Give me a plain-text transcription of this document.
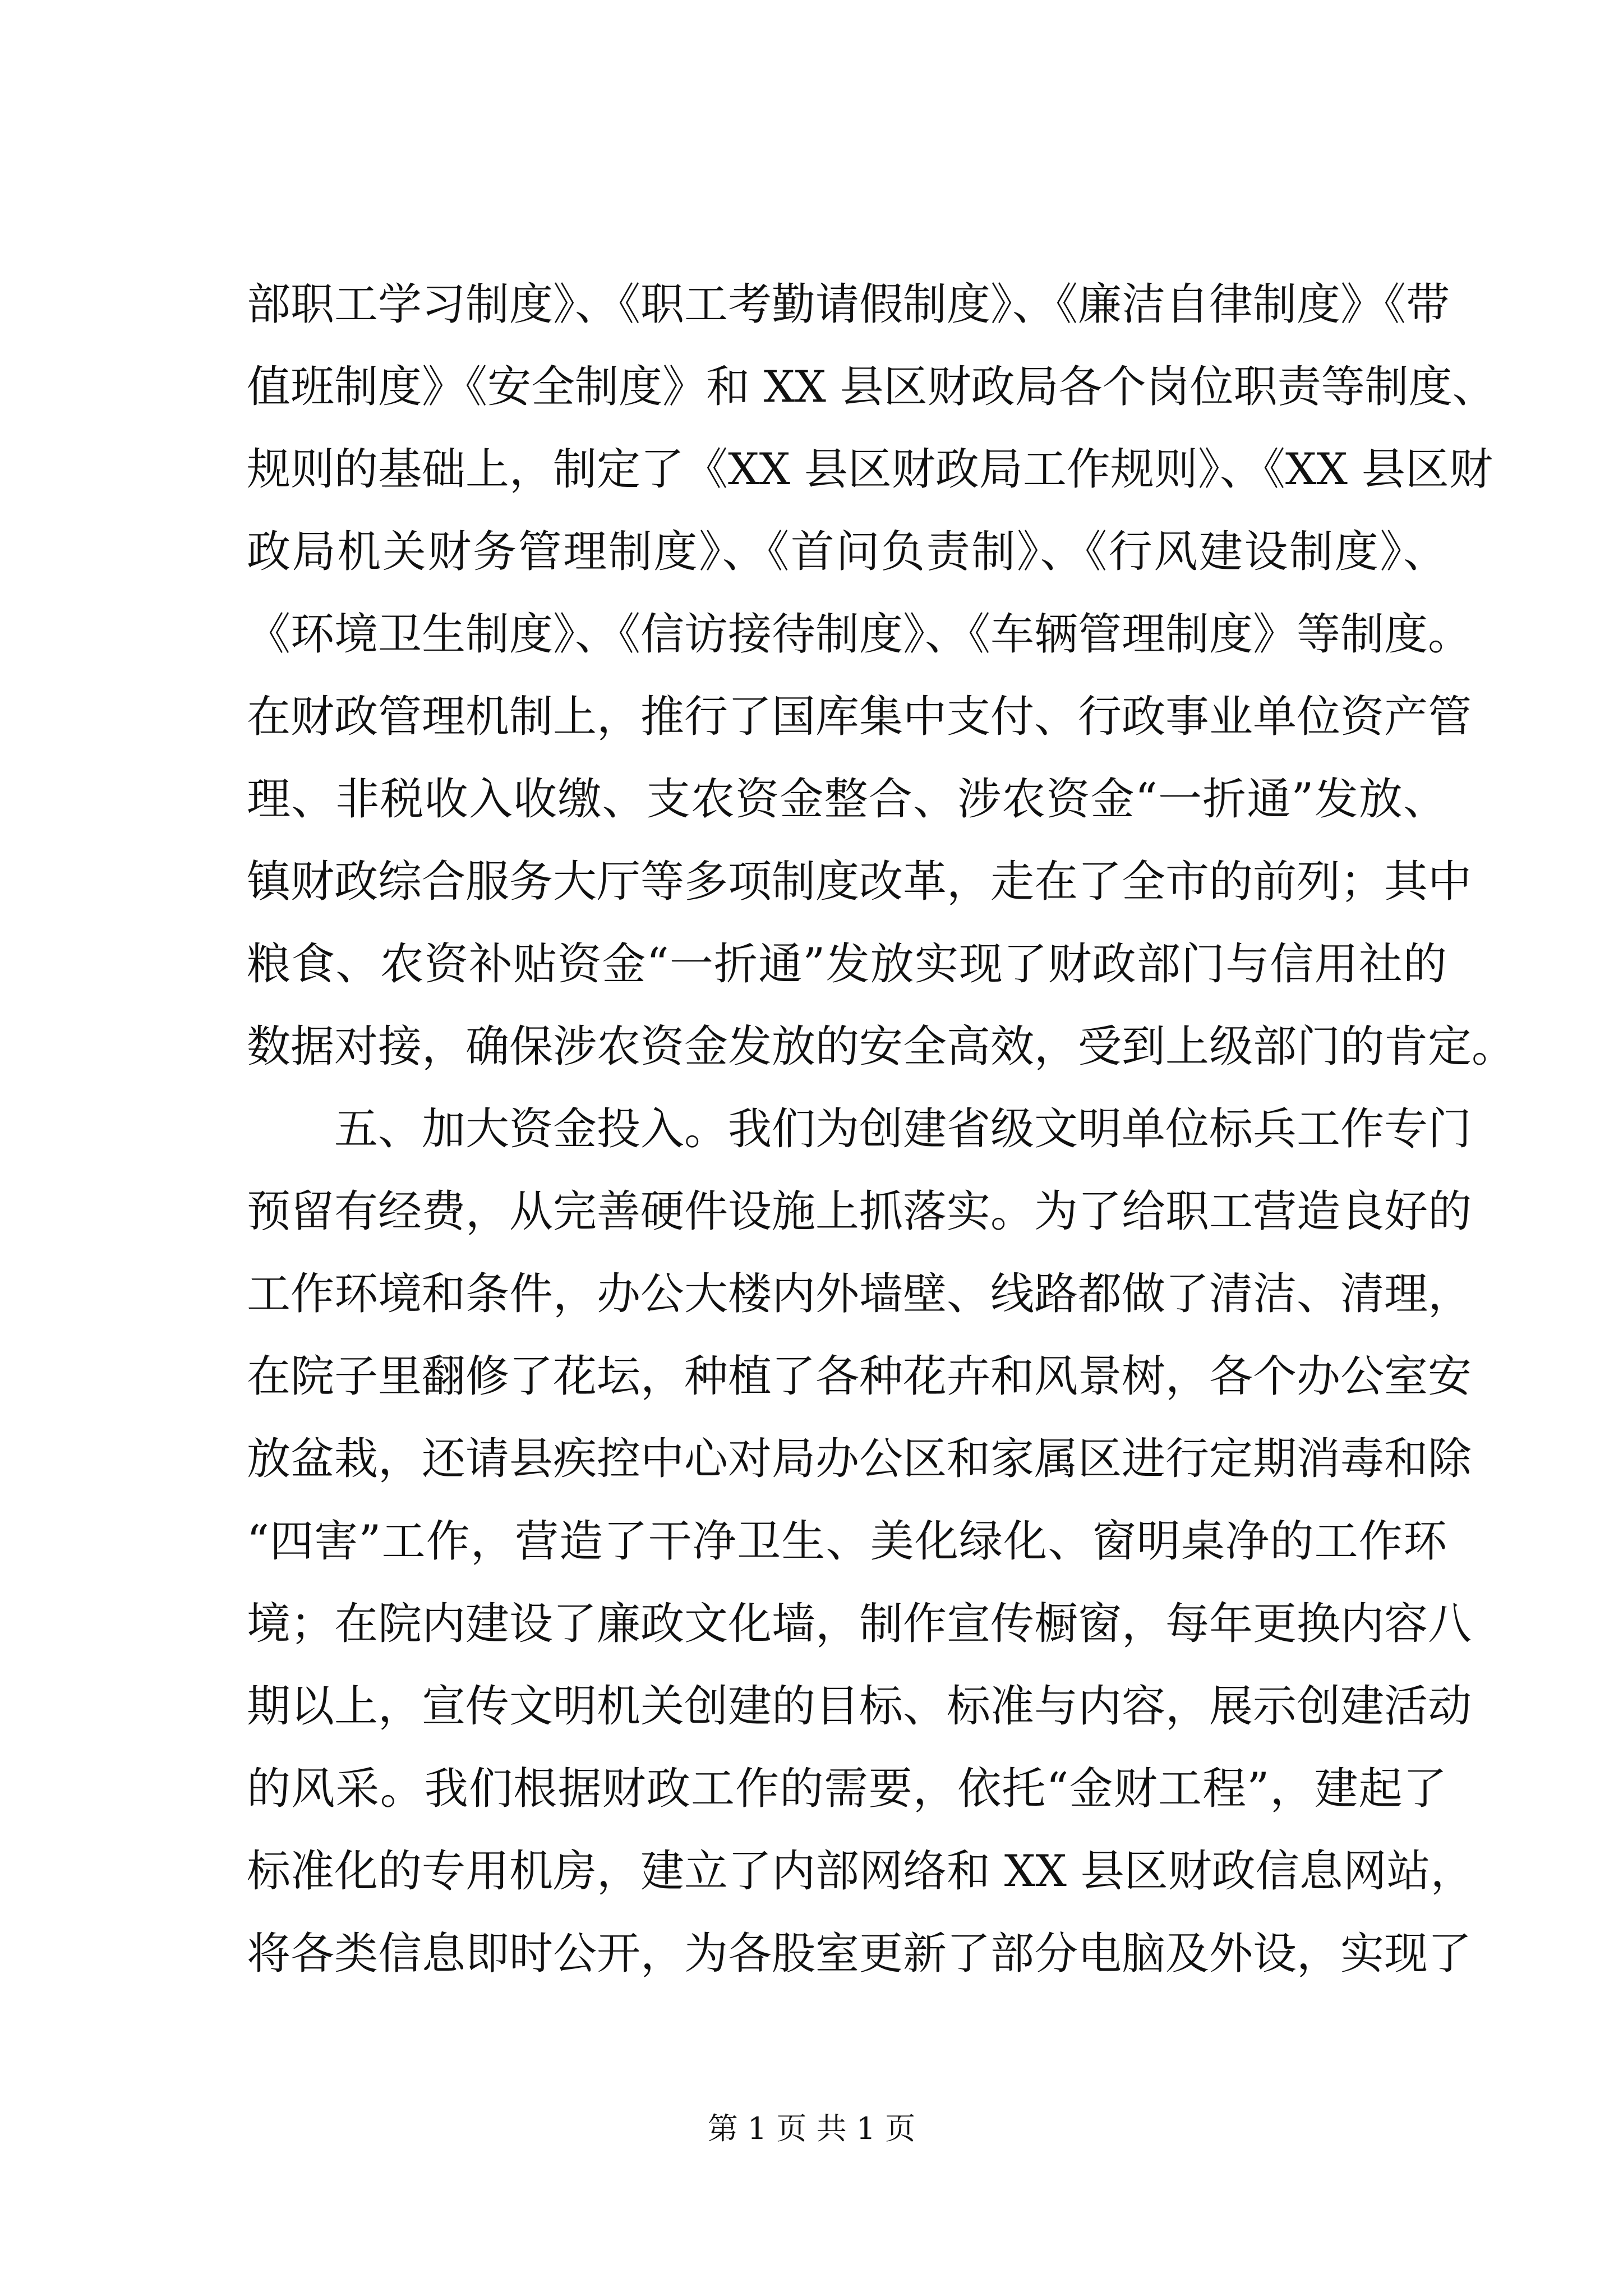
部职工学习制度》、《职工考勤请假制度》、《廉洁自律制度》《带
值班制度》《安全制度》和 XX 县区财政局各个岗位职责等制度、
规则的基础上，制定了《XX 县区财政局工作规则》、《XX 县区财
政局机关财务管理制度》、《首问负责制》、《行风建设制度》、
《环境卫生制度》、《信访接待制度》、《车辆管理制度》等制度。
在财政管理机制上，推行了国库集中支付、行政事业单位资产管
理、非税收入收缴、支农资金整合、涉农资金“一折通”发放、
镇财政综合服务大厅等多项制度改革，走在了全市的前列；其中
粮食、农资补贴资金“一折通”发放实现了财政部门与信用社的
数据对接，确保涉农资金发放的安全高效，受到上级部门的肯定。
五、加大资金投入。我们为创建省级文明单位标兵工作专门
预留有经费，从完善硬件设施上抓落实。为了给职工营造良好的
工作环境和条件，办公大楼内外墙壁、线路都做了清洁、清理，
在院子里翻修了花坛，种植了各种花卉和风景树，各个办公室安
放盆栽，还请县疾控中心对局办公区和家属区进行定期消毒和除
“四害”工作，营造了干净卫生、美化绿化、窗明桌净的工作环
境；在院内建设了廉政文化墙，制作宣传橱窗，每年更换内容八
期以上，宣传文明机关创建的目标、标准与内容，展示创建活动
的风采。我们根据财政工作的需要，依托“金财工程”，建起了
标准化的专用机房，建立了内部网络和 XX 县区财政信息网站，
将各类信息即时公开，为各股室更新了部分电脑及外设，实现了
第 1 页 共 1 页
